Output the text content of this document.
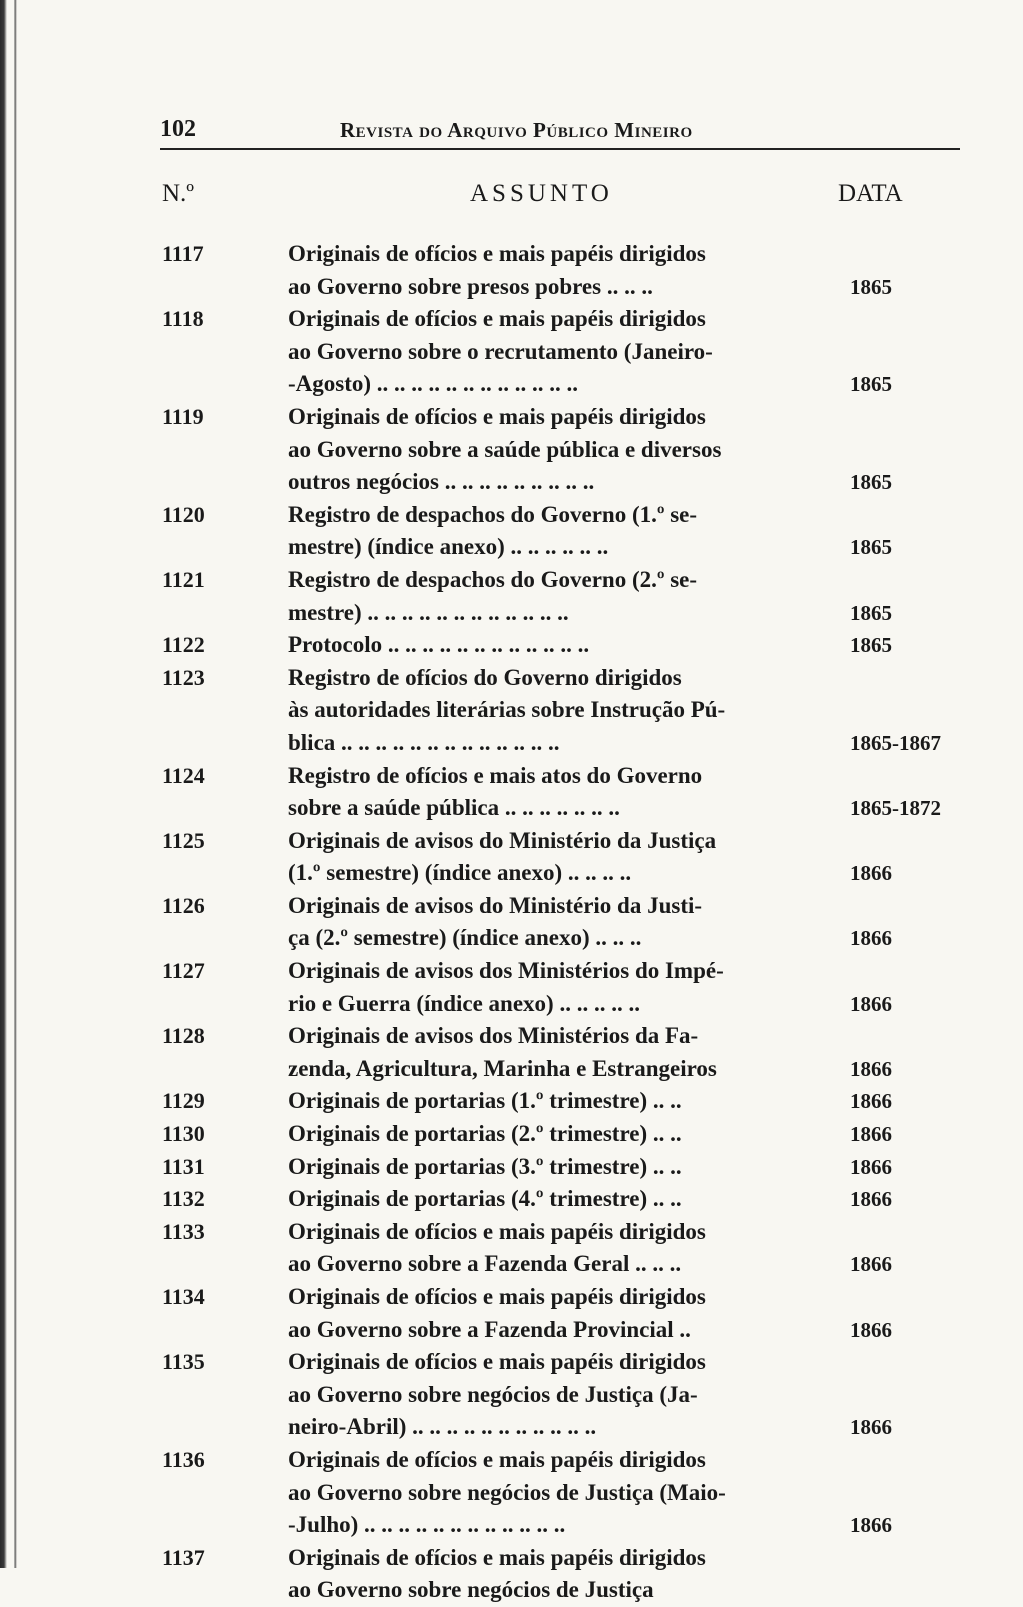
102	Revista do Arquivo Público Mineiro
N.º	ASSUNTO	DATA
1117	Originais de ofícios e mais papéis dirigidos
ao Governo sobre presos pobres .. .. ..	1865
1118	Originais de ofícios e mais papéis dirigidos
ao Governo sobre o recrutamento (Janeiro-
-Agosto) .. .. .. .. .. .. .. .. .. .. .. ..	1865
1119	Originais de ofícios e mais papéis dirigidos
ao Governo sobre a saúde pública e diversos
outros negócios .. .. .. .. .. .. .. .. ..	1865
1120	Registro de despachos do Governo (1.º se-
mestre) (índice anexo) .. .. .. .. .. ..	1865
1121	Registro de despachos do Governo (2.º se-
mestre) .. .. .. .. .. .. .. .. .. .. .. ..	1865
1122	Protocolo .. .. .. .. .. .. .. .. .. .. .. ..	1865
1123	Registro de ofícios do Governo dirigidos
às autoridades literárias sobre Instrução Pú-
blica .. .. .. .. .. .. .. .. .. .. .. .. ..	1865-1867
1124	Registro de ofícios e mais atos do Governo
sobre a saúde pública .. .. .. .. .. .. ..	1865-1872
1125	Originais de avisos do Ministério da Justiça
(1.º semestre) (índice anexo) .. .. .. ..	1866
1126	Originais de avisos do Ministério da Justi-
ça (2.º semestre) (índice anexo) .. .. ..	1866
1127	Originais de avisos dos Ministérios do Impé-
rio e Guerra (índice anexo) .. .. .. .. ..	1866
1128	Originais de avisos dos Ministérios da Fa-
zenda, Agricultura, Marinha e Estrangeiros	1866
1129	Originais de portarias (1.º trimestre) .. ..	1866
1130	Originais de portarias (2.º trimestre) .. ..	1866
1131	Originais de portarias (3.º trimestre) .. ..	1866
1132	Originais de portarias (4.º trimestre) .. ..	1866
1133	Originais de ofícios e mais papéis dirigidos
ao Governo sobre a Fazenda Geral .. .. ..	1866
1134	Originais de ofícios e mais papéis dirigidos
ao Governo sobre a Fazenda Provincial ..	1866
1135	Originais de ofícios e mais papéis dirigidos
ao Governo sobre negócios de Justiça (Ja-
neiro-Abril) .. .. .. .. .. .. .. .. .. .. ..	1866
1136	Originais de ofícios e mais papéis dirigidos
ao Governo sobre negócios de Justiça (Maio-
-Julho) .. .. .. .. .. .. .. .. .. .. .. ..	1866
1137	Originais de ofícios e mais papéis dirigidos
ao Governo sobre negócios de Justiça
